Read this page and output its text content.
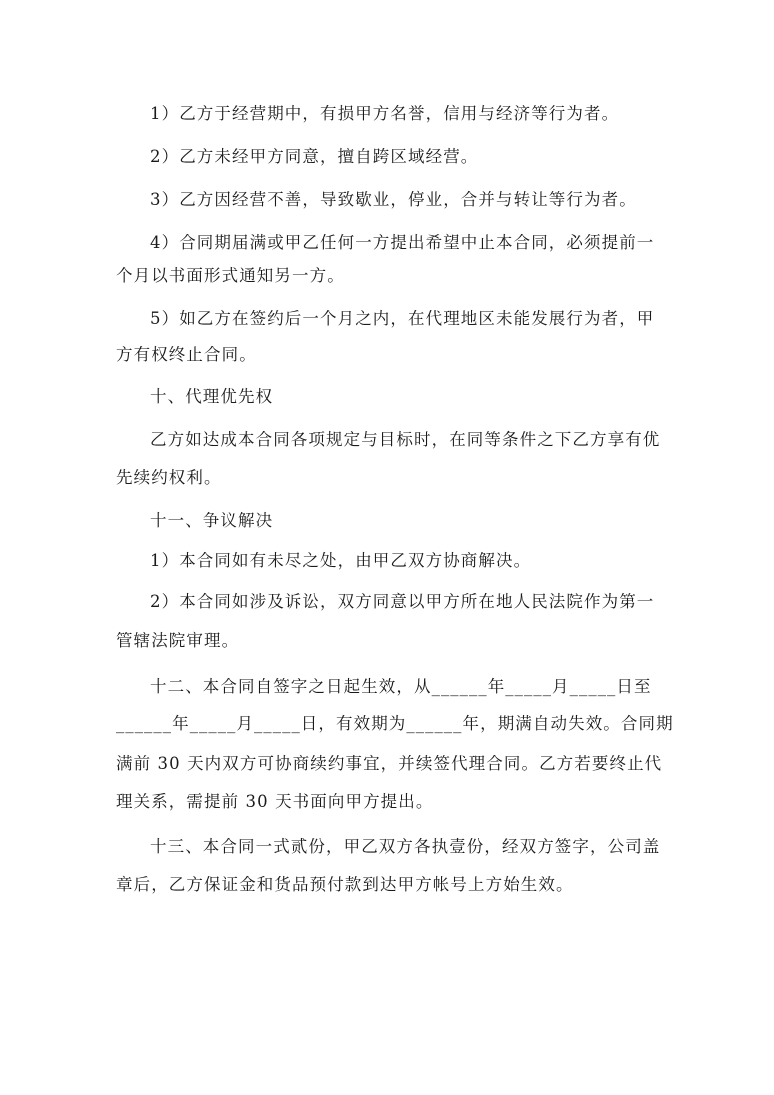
1）乙方于经营期中，有损甲方名誉，信用与经济等行为者。
2）乙方未经甲方同意，擅自跨区域经营。
3）乙方因经营不善，导致歇业，停业，合并与转让等行为者。
4）合同期届满或甲乙任何一方提出希望中止本合同，必须提前一
个月以书面形式通知另一方。
5）如乙方在签约后一个月之内，在代理地区未能发展行为者，甲
方有权终止合同。
十、代理优先权
乙方如达成本合同各项规定与目标时，在同等条件之下乙方享有优
先续约权利。
十一、争议解决
1）本合同如有未尽之处，由甲乙双方协商解决。
2）本合同如涉及诉讼，双方同意以甲方所在地人民法院作为第一
管辖法院审理。
十二、本合同自签字之日起生效，从______年_____月_____日至
______年_____月_____日，有效期为______年，期满自动失效。合同期
满前 30 天内双方可协商续约事宜，并续签代理合同。乙方若要终止代
理关系，需提前 30 天书面向甲方提出。
十三、本合同一式贰份，甲乙双方各执壹份，经双方签字，公司盖
章后，乙方保证金和货品预付款到达甲方帐号上方始生效。
